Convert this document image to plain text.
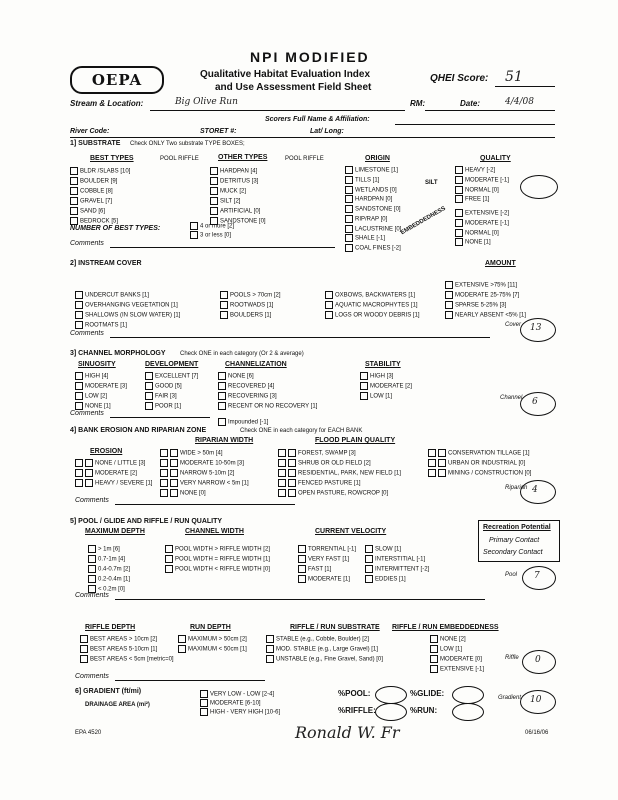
OEPA
NPI MODIFIED
Qualitative Habitat Evaluation Index
and Use Assessment Field Sheet
QHEI Score: 51
Stream & Location:	Big Olive Run	RM:	Date:	4/4/08
Scorers Full Name & Affiliation:
River Code:	STORET #:	Lat/ Long:
1] SUBSTRATE Check ONLY Two substrate TYPE BOXES;
BEST TYPES	POOL RIFFLE	OTHER TYPES	POOL RIFFLE	ORIGIN	QUALITY
BLDR /SLABS [10]
BOULDER [9]
COBBLE [8]
GRAVEL [7]
SAND [6]
BEDROCK [5]
HARDPAN [4]
DETRITUS [3]
MUCK [2]
SILT [2]
ARTIFICIAL [0]
SANDSTONE [0]
LIMESTONE [1]
TILLS [1]
WETLANDS [0]
HARDPAN [0]
SANDSTONE [0]
RIP/RAP [0]
LACUSTRINE [0]
SHALE [-1]
COAL FINES [-2]
SILT
EMBEDDEDNESS
HEAVY [-2]
MODERATE [-1]
NORMAL [0]
FREE [1]
EXTENSIVE [-2]
MODERATE [-1]
NORMAL [0]
NONE [1]
NUMBER OF BEST TYPES:	4 or more [2]
3 or less [0]
Comments
2] INSTREAM COVER	AMOUNT
UNDERCUT BANKS [1]
OVERHANGING VEGETATION [1]
SHALLOWS (IN SLOW WATER) [1]
ROOTMATS [1]
POOLS > 70cm [2]
ROOTWADS [1]
BOULDERS [1]
OXBOWS, BACKWATERS [1]
AQUATIC MACROPHYTES [1]
LOGS OR WOODY DEBRIS [1]
EXTENSIVE >75% [11]
MODERATE 25-75% [7]
SPARSE 5-25% [3]
NEARLY ABSENT <5% [1]
Comments
Cover 13
3] CHANNEL MORPHOLOGY Check ONE in each category (Or 2 & average)
SINUOSITY	DEVELOPMENT	CHANNELIZATION	STABILITY
HIGH [4]
MODERATE [3]
LOW [2]
NONE [1]
EXCELLENT [7]
GOOD [5]
FAIR [3]
POOR [1]
NONE [6]
RECOVERED [4]
RECOVERING [3]
RECENT OR NO RECOVERY [1]
Impounded [-1]
HIGH [3]
MODERATE [2]
LOW [1]
Comments
Channel 6
4] BANK EROSION AND RIPARIAN ZONE	Check ONE in each category for EACH BANK
EROSION
RIPARIAN WIDTH	FLOOD PLAIN QUALITY
NONE / LITTLE [3]
MODERATE [2]
HEAVY / SEVERE [1]
WIDE > 50m [4]
MODERATE 10-50m [3]
NARROW 5-10m [2]
VERY NARROW < 5m [1]
NONE [0]
FOREST, SWAMP [3]
SHRUB OR OLD FIELD [2]
RESIDENTIAL, PARK, NEW FIELD [1]
FENCED PASTURE [1]
OPEN PASTURE, ROWCROP [0]
CONSERVATION TILLAGE [1]
URBAN OR INDUSTRIAL [0]
MINING / CONSTRUCTION [0]
Comments
Riparian 4
5] POOL / GLIDE AND RIFFLE / RUN QUALITY
MAXIMUM DEPTH	CHANNEL WIDTH	CURRENT VELOCITY
> 1m [6]
0.7-1m [4]
0.4-0.7m [2]
0.2-0.4m [1]
< 0.2m [0]
POOL WIDTH > RIFFLE WIDTH [2]
POOL WIDTH = RIFFLE WIDTH [1]
POOL WIDTH < RIFFLE WIDTH [0]
TORRENTIAL [-1]
VERY FAST [1]
FAST [1]
MODERATE [1]
SLOW [1]
INTERSTITIAL [-1]
INTERMITTENT [-2]
EDDIES [1]
Recreation Potential
Primary Contact
Secondary Contact
Comments
Pool 7
RIFFLE DEPTH	RUN DEPTH	RIFFLE / RUN SUBSTRATE RIFFLE / RUN EMBEDDEDNESS
BEST AREAS > 10cm [2]
BEST AREAS 5-10cm [1]
BEST AREAS < 5cm [metric=0]
MAXIMUM > 50cm [2]
MAXIMUM < 50cm [1]
STABLE (e.g., Cobble, Boulder) [2]
MOD. STABLE (e.g., Large Gravel) [1]
UNSTABLE (e.g., Fine Gravel, Sand) [0]
NONE [2]
LOW [1]
MODERATE [0]
EXTENSIVE [-1]
Comments
Riffle 0
6] GRADIENT (ft/mi)	VERY LOW - LOW [2-4]
MODERATE [6-10]
HIGH - VERY HIGH [10-6]
DRAINAGE AREA (mi²)
%POOL:	%GLIDE:
%RIFFLE:	%RUN:
Gradient 10
EPA 4520	Ronald W. Fr	06/16/06
